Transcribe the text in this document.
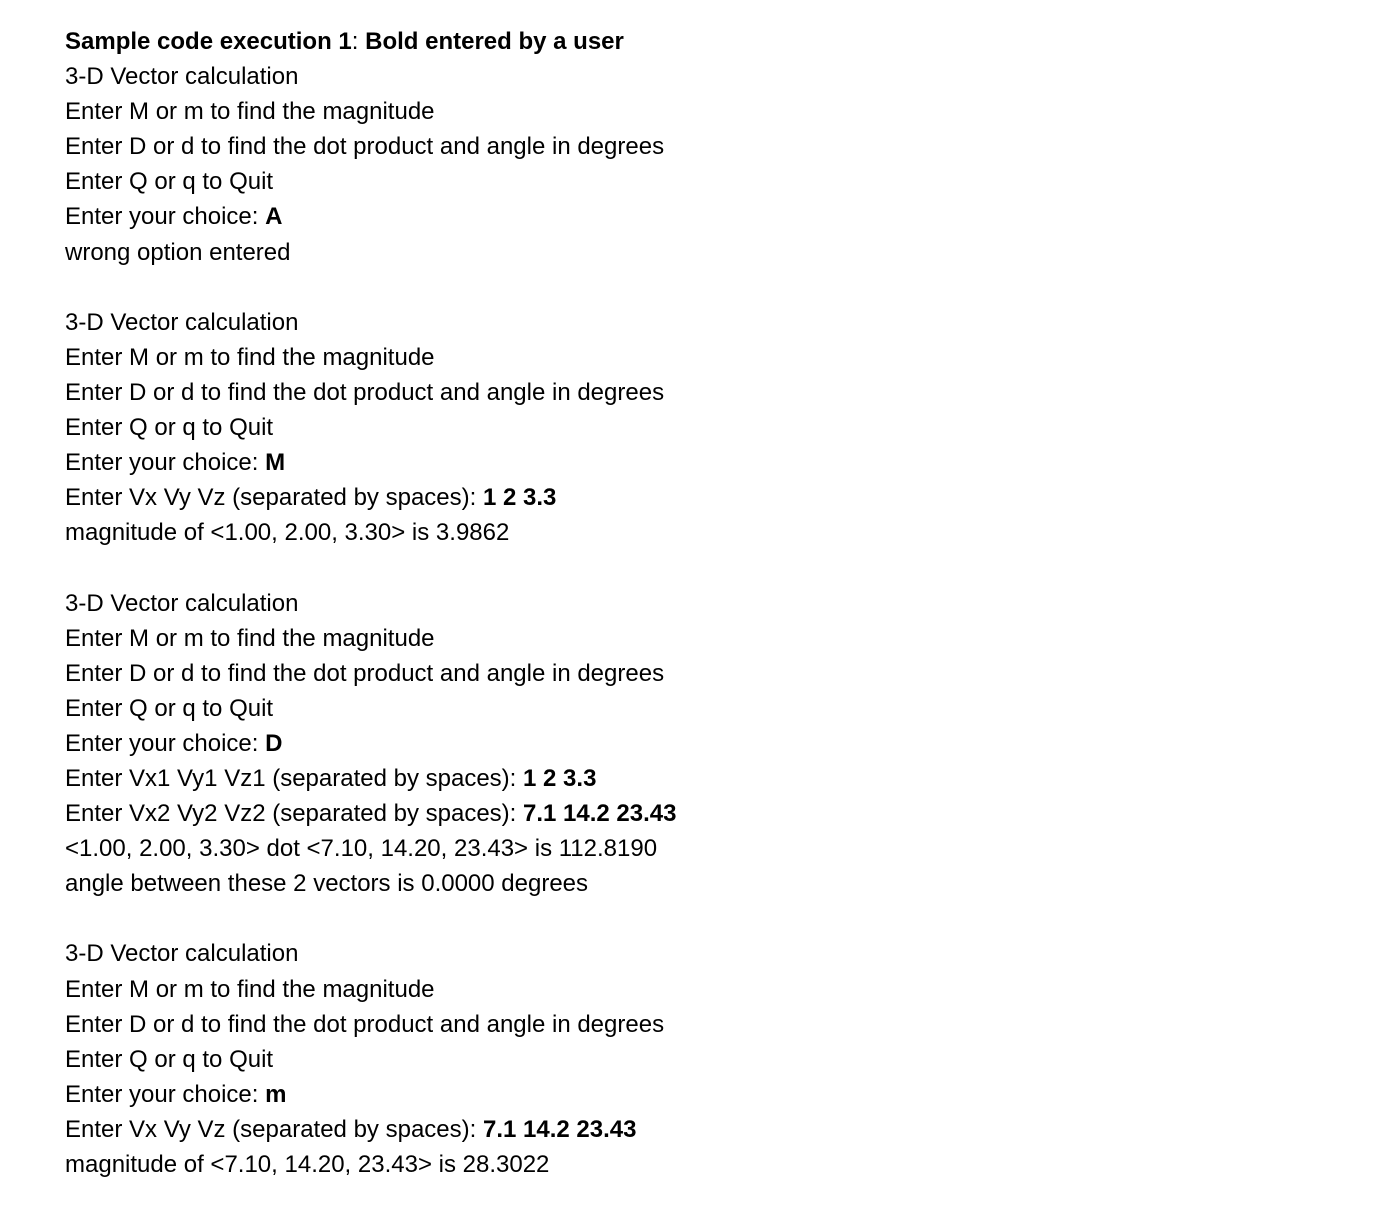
Sample code execution 1: Bold entered by a user
3-D Vector calculation
Enter M or m to find the magnitude
Enter D or d to find the dot product and angle in degrees
Enter Q or q to Quit
Enter your choice: A
wrong option entered
3-D Vector calculation
Enter M or m to find the magnitude
Enter D or d to find the dot product and angle in degrees
Enter Q or q to Quit
Enter your choice: M
Enter Vx Vy Vz (separated by spaces): 1 2 3.3
magnitude of <1.00, 2.00, 3.30> is 3.9862
3-D Vector calculation
Enter M or m to find the magnitude
Enter D or d to find the dot product and angle in degrees
Enter Q or q to Quit
Enter your choice: D
Enter Vx1 Vy1 Vz1 (separated by spaces): 1 2 3.3
Enter Vx2 Vy2 Vz2 (separated by spaces): 7.1 14.2 23.43
<1.00, 2.00, 3.30> dot <7.10, 14.20, 23.43> is 112.8190
angle between these 2 vectors is 0.0000 degrees
3-D Vector calculation
Enter M or m to find the magnitude
Enter D or d to find the dot product and angle in degrees
Enter Q or q to Quit
Enter your choice: m
Enter Vx Vy Vz (separated by spaces): 7.1 14.2 23.43
magnitude of <7.10, 14.20, 23.43> is 28.3022
